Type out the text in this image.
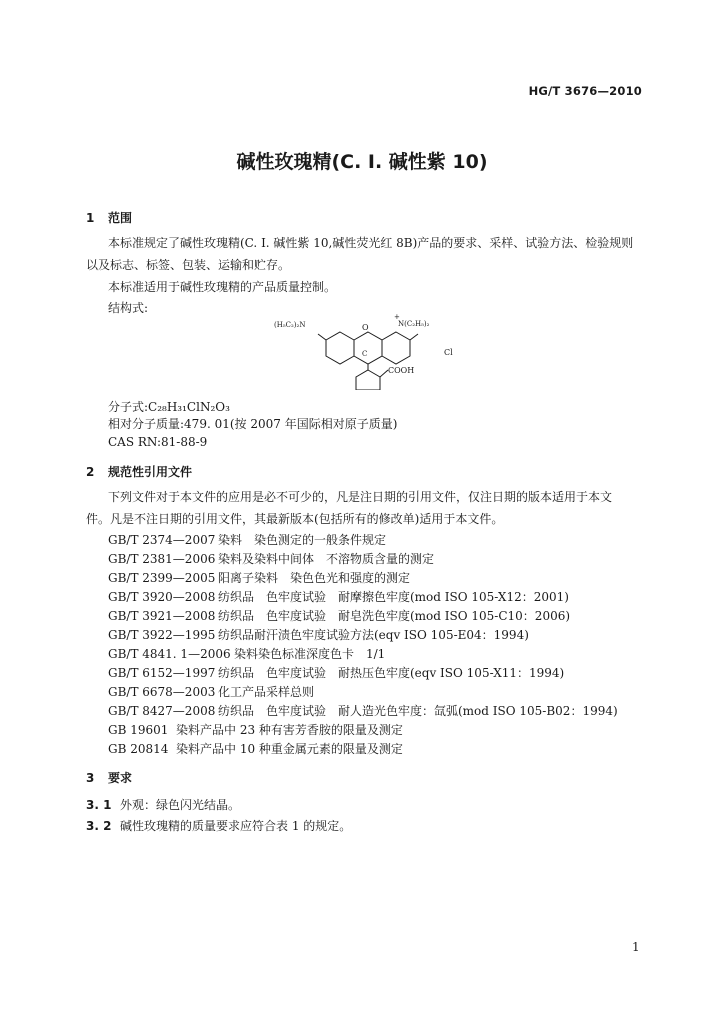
HG/T 3676—2010
碱性玫瑰精(C. I. 碱性紫 10)
1 范围
本标准规定了碱性玫瑰精(C. I. 碱性紫 10,碱性荧光红 8B)产品的要求、采样、试验方法、检验规则
以及标志、标签、包装、运输和贮存。
本标准适用于碱性玫瑰精的产品质量控制。
结构式:
(H₅C₂)₂N	O
+
N(C₂H₅)₂
C
COOH
Cl
分子式:C₂₈H₃₁ClN₂O₃
相对分子质量:479. 01(按 2007 年国际相对原子质量)
CAS RN:81-88-9
2 规范性引用文件
下列文件对于本文件的应用是必不可少的，凡是注日期的引用文件，仅注日期的版本适用于本文
件。凡是不注日期的引用文件，其最新版本(包括所有的修改单)适用于本文件。
GB/T 2374—2007 染料　染色测定的一般条件规定
GB/T 2381—2006 染料及染料中间体　不溶物质含量的测定
GB/T 2399—2005 阳离子染料　染色色光和强度的测定
GB/T 3920—2008 纺织品　色牢度试验　耐摩擦色牢度(mod ISO 105-X12：2001)
GB/T 3921—2008 纺织品　色牢度试验　耐皂洗色牢度(mod ISO 105-C10：2006)
GB/T 3922—1995 纺织品耐汗渍色牢度试验方法(eqv ISO 105-E04：1994)
GB/T 4841. 1—2006 染料染色标准深度色卡　1/1
GB/T 6152—1997 纺织品　色牢度试验　耐热压色牢度(eqv ISO 105-X11：1994)
GB/T 6678—2003 化工产品采样总则
GB/T 8427—2008 纺织品　色牢度试验　耐人造光色牢度：氙弧(mod ISO 105-B02：1994)
GB 19601 染料产品中 23 种有害芳香胺的限量及测定
GB 20814 染料产品中 10 种重金属元素的限量及测定
3 要求
3. 1 外观：绿色闪光结晶。
3. 2 碱性玫瑰精的质量要求应符合表 1 的规定。
1
